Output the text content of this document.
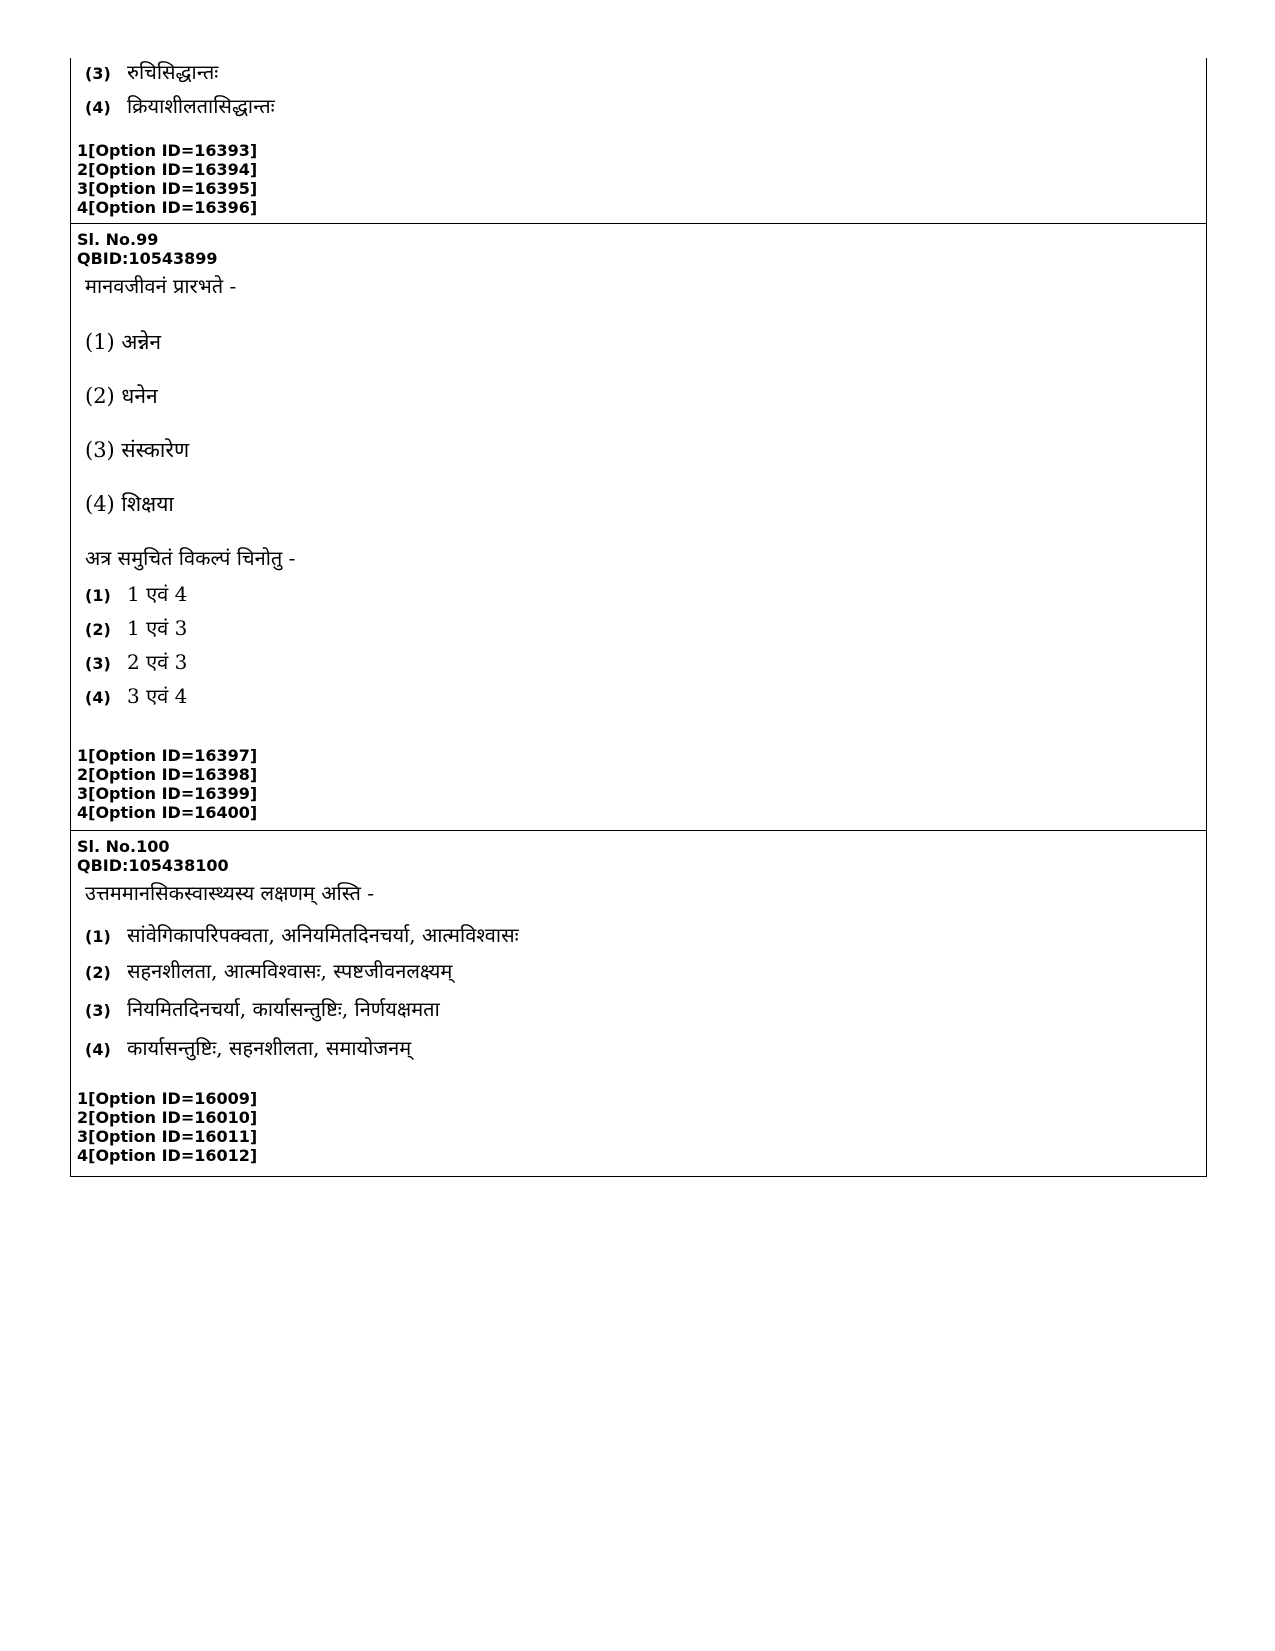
(3) रुचिसिद्धान्तः
(4) क्रियाशीलतासिद्धान्तः
1[Option ID=16393]
2[Option ID=16394]
3[Option ID=16395]
4[Option ID=16396]
Sl. No.99
QBID:10543899
मानवजीवनं प्रारभते -
(1) अन्नेन
(2) धनेन
(3) संस्कारेण
(4) शिक्षया
अत्र समुचितं विकल्पं चिनोतु -
(1) 1 एवं 4
(2) 1 एवं 3
(3) 2 एवं 3
(4) 3 एवं 4
1[Option ID=16397]
2[Option ID=16398]
3[Option ID=16399]
4[Option ID=16400]
Sl. No.100
QBID:105438100
उत्तममानसिकस्वास्थ्यस्य लक्षणम् अस्ति -
(1) सांवेगिकापरिपक्वता, अनियमितदिनचर्या, आत्मविश्वासः
(2) सहनशीलता, आत्मविश्वासः, स्पष्टजीवनलक्ष्यम्
(3) नियमितदिनचर्या, कार्यासन्तुष्टिः, निर्णयक्षमता
(4) कार्यासन्तुष्टिः, सहनशीलता, समायोजनम्
1[Option ID=16009]
2[Option ID=16010]
3[Option ID=16011]
4[Option ID=16012]
